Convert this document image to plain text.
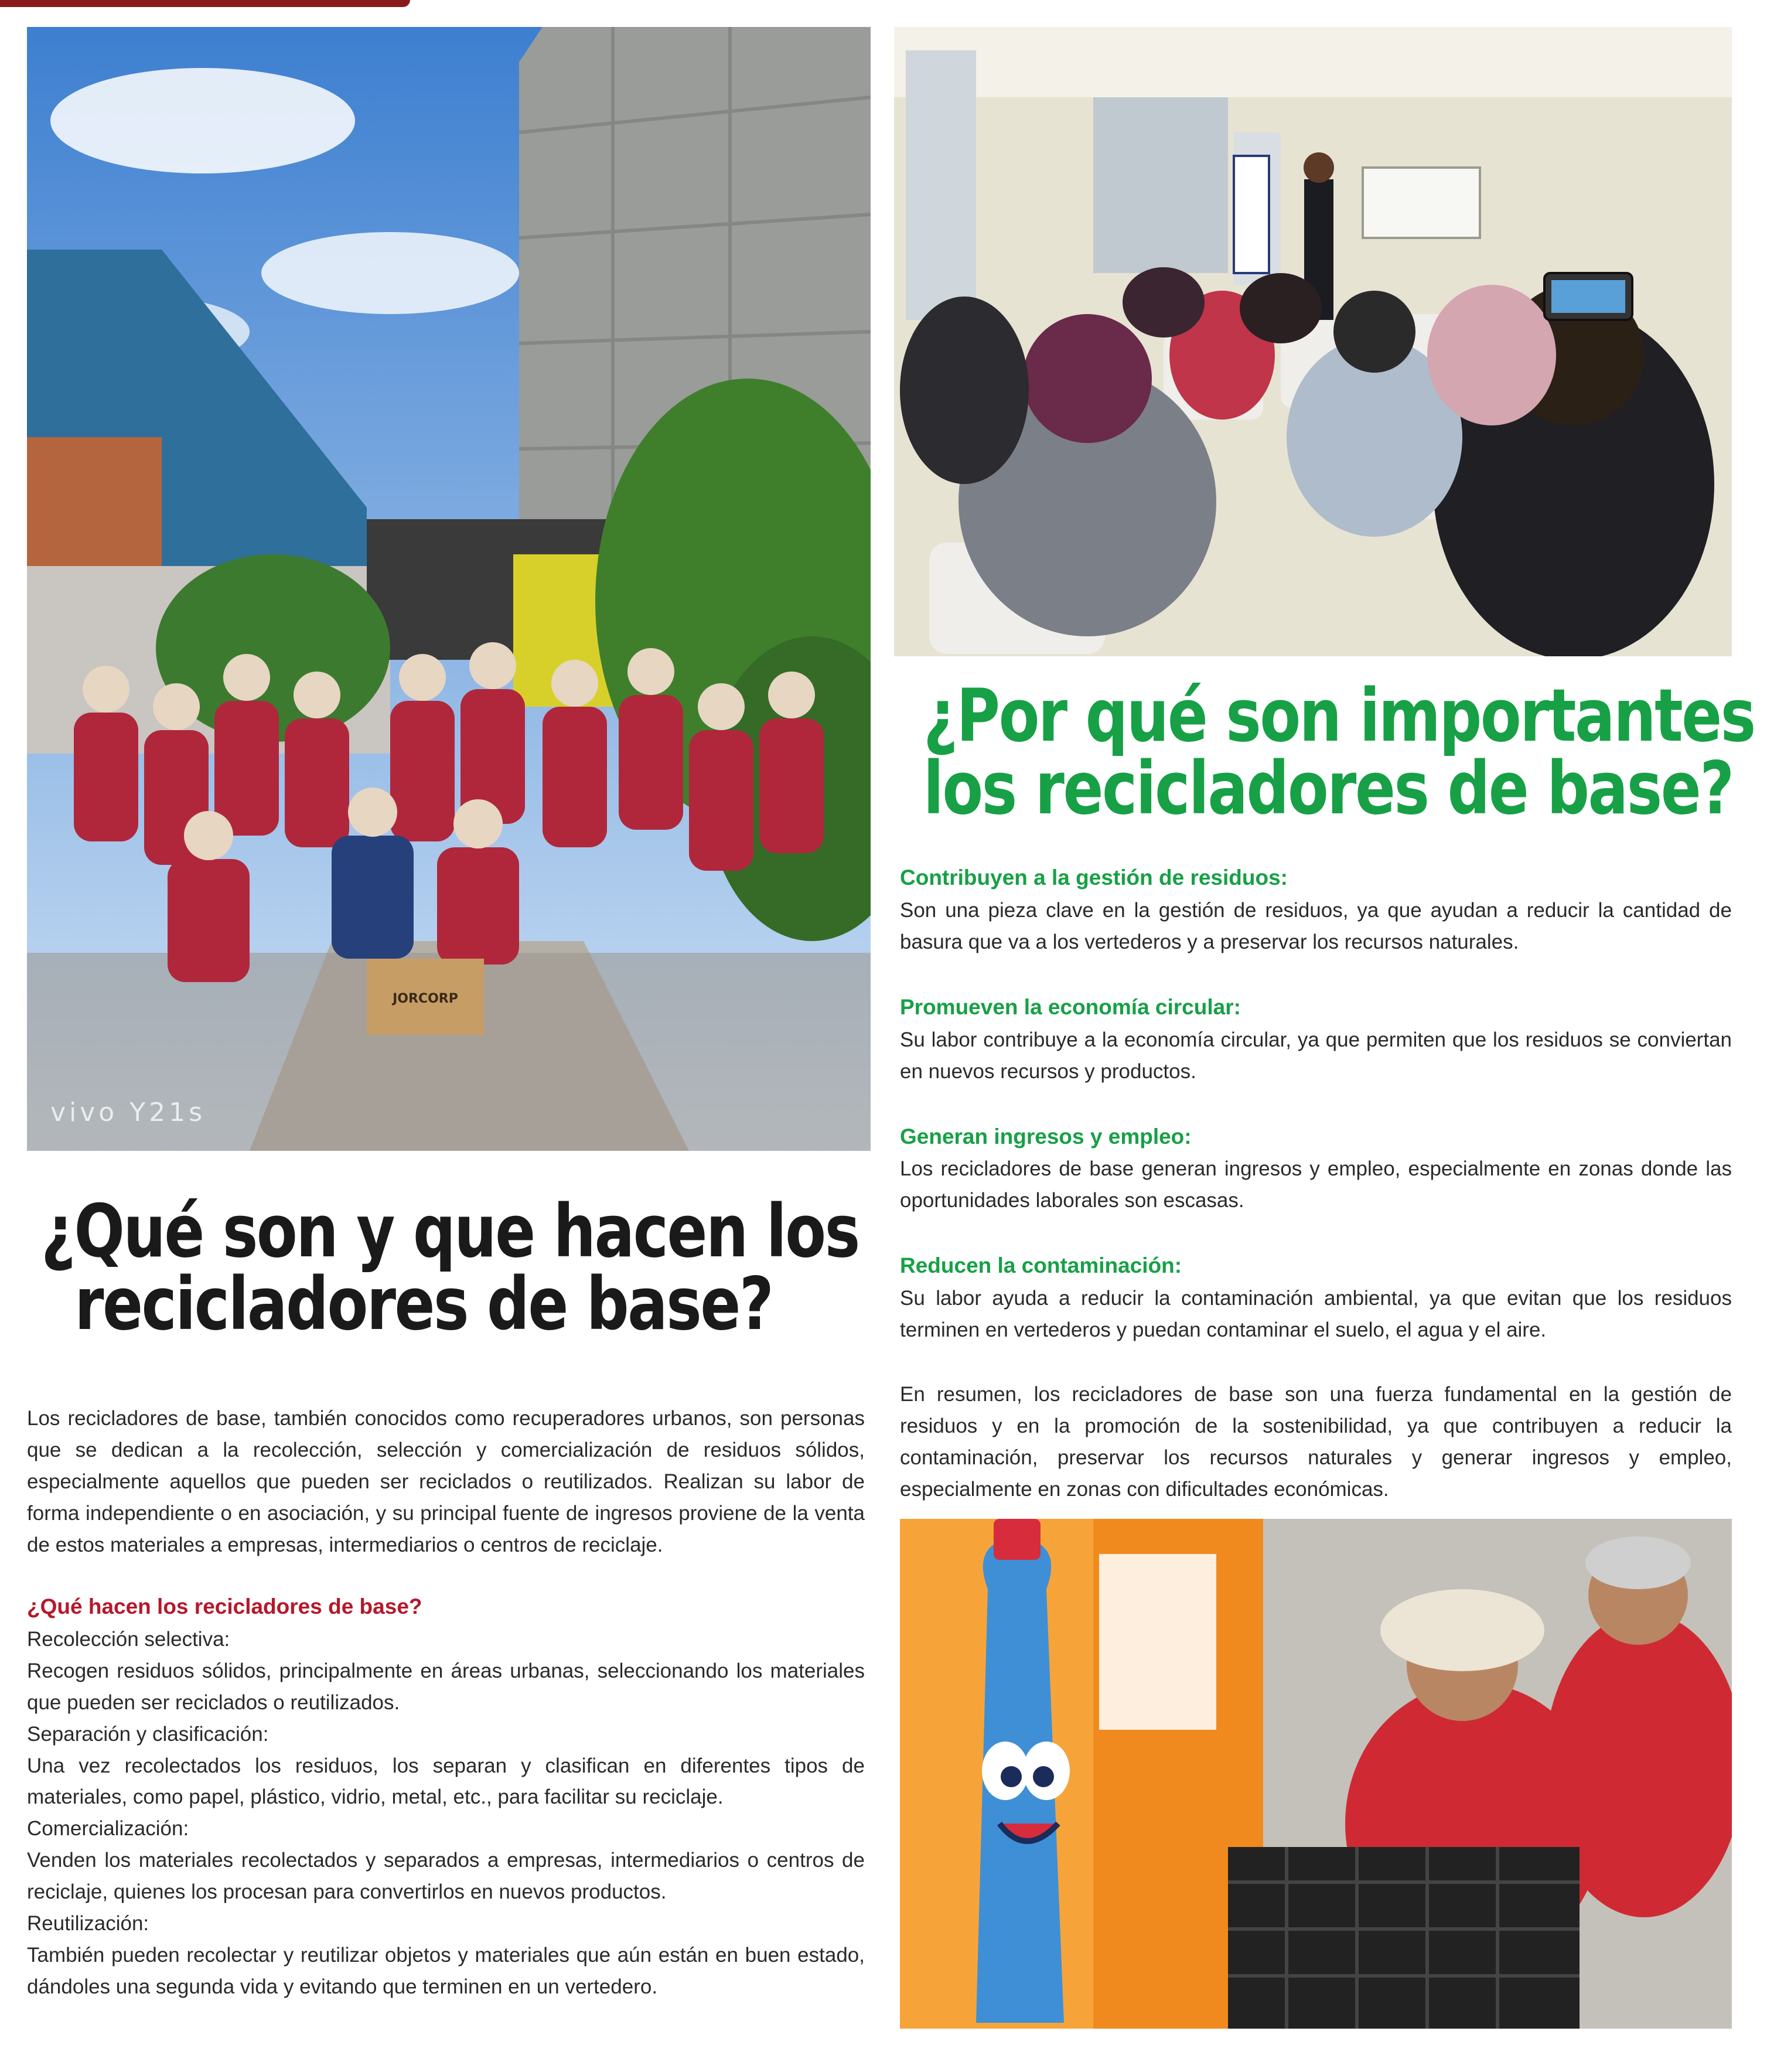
JORCORP
vivo Y21s
¿Por qué son importantes
los recicladores de base?
Contribuyen a la gestión de residuos:
Son una pieza clave en la gestión de residuos, ya que ayudan a reducir la cantidad de basura que va a los vertederos y a preservar los recursos naturales.
Promueven la economía circular:
Su labor contribuye a la economía circular, ya que permiten que los residuos se conviertan en nuevos recursos y productos.
Generan ingresos y empleo:
Los recicladores de base generan ingresos y empleo, especialmente en zonas donde las oportunidades laborales son escasas.
Reducen la contaminación:
Su labor ayuda a reducir la contaminación ambiental, ya que evitan que los residuos terminen en vertederos y puedan contaminar el suelo, el agua y el aire.
En resumen, los recicladores de base son una fuerza fundamental en la gestión de residuos y en la promoción de la sostenibilidad, ya que contribuyen a reducir la contaminación, preservar los recursos naturales y generar ingresos y empleo, especialmente en zonas con dificultades económicas.
¿Qué son y que hacen los
recicladores de base?
Los recicladores de base, también conocidos como recuperadores urbanos, son personas que se dedican a la recolección, selección y comercialización de residuos sólidos, especialmente aquellos que pueden ser reciclados o reutilizados. Realizan su labor de forma independiente o en asociación, y su principal fuente de ingresos proviene de la venta de estos materiales a empresas, intermediarios o centros de reciclaje.
¿Qué hacen los recicladores de base?
Recolección selectiva:
Recogen residuos sólidos, principalmente en áreas urbanas, seleccionando los materiales que pueden ser reciclados o reutilizados.
Separación y clasificación:
Una vez recolectados los residuos, los separan y clasifican en diferentes tipos de materiales, como papel, plástico, vidrio, metal, etc., para facilitar su reciclaje.
Comercialización:
Venden los materiales recolectados y separados a empresas, intermediarios o centros de reciclaje, quienes los procesan para convertirlos en nuevos productos.
Reutilización:
También pueden recolectar y reutilizar objetos y materiales que aún están en buen estado, dándoles una segunda vida y evitando que terminen en un vertedero.
